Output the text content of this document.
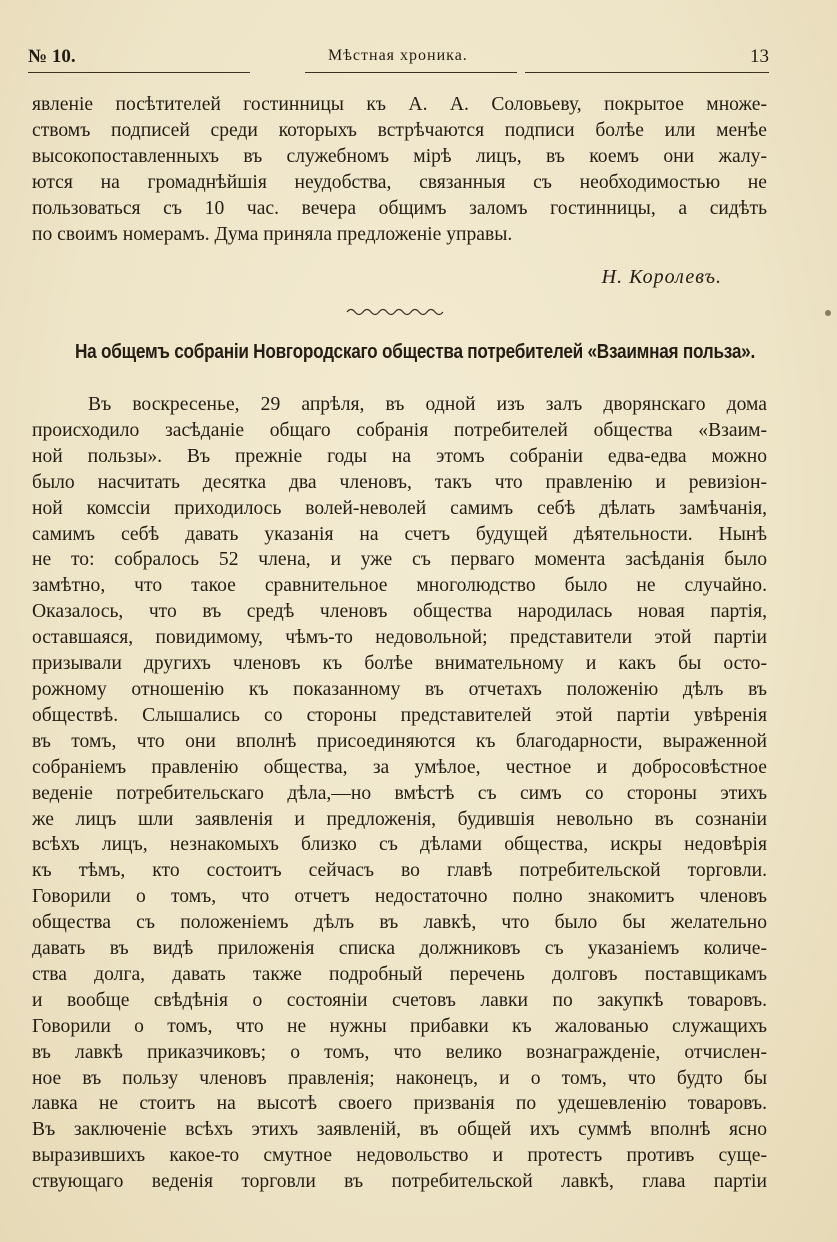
№ 10.	Мѣстная хроника.	13
явленіе посѣтителей гостинницы къ А. А. Соловьеву, покрытое множе-
ствомъ подписей среди которыхъ встрѣчаются подписи болѣе или менѣе
высокопоставленныхъ въ служебномъ мірѣ лицъ, въ коемъ они жалу-
ются на громаднѣйшія неудобства, связанныя съ необходимостью не
пользоваться съ 10 час. вечера общимъ заломъ гостинницы, а сидѣть
по своимъ номерамъ. Дума приняла предложеніе управы.
Н. Королевъ.
На общемъ собраніи Новгородскаго общества потребителей «Взаимная польза».
Въ воскресенье, 29 апрѣля, въ одной изъ залъ дворянскаго дома
происходило засѣданіе общаго собранія потребителей общества «Взаим-
ной пользы». Въ прежніе годы на этомъ собраніи едва-едва можно
было насчитать десятка два членовъ, такъ что правленію и ревизіон-
ной комссіи приходилось волей-неволей самимъ себѣ дѣлать замѣчанія,
самимъ себѣ давать указанія на счетъ будущей дѣятельности. Нынѣ
не то: собралось 52 члена, и уже съ перваго момента засѣданія было
замѣтно, что такое сравнительное многолюдство было не случайно.
Оказалось, что въ средѣ членовъ общества народилась новая партія,
оставшаяся, повидимому, чѣмъ-то недовольной; представители этой партіи
призывали другихъ членовъ къ болѣе внимательному и какъ бы осто-
рожному отношенію къ показанному въ отчетахъ положенію дѣлъ въ
обществѣ. Слышались со стороны представителей этой партіи увѣренія
въ томъ, что они вполнѣ присоединяются къ благодарности, выраженной
собраніемъ правленію общества, за умѣлое, честное и добросовѣстное
веденіе потребительскаго дѣла,—но вмѣстѣ съ симъ со стороны этихъ
же лицъ шли заявленія и предложенія, будившія невольно въ сознаніи
всѣхъ лицъ, незнакомыхъ близко съ дѣлами общества, искры недовѣрія
къ тѣмъ, кто состоитъ сейчасъ во главѣ потребительской торговли.
Говорили о томъ, что отчетъ недостаточно полно знакомитъ членовъ
общества съ положеніемъ дѣлъ въ лавкѣ, что было бы желательно
давать въ видѣ приложенія списка должниковъ съ указаніемъ количе-
ства долга, давать также подробный перечень долговъ поставщикамъ
и вообще свѣдѣнія о состояніи счетовъ лавки по закупкѣ товаровъ.
Говорили о томъ, что не нужны прибавки къ жалованью служащихъ
въ лавкѣ приказчиковъ; о томъ, что велико вознагражденіе, отчислен-
ное въ пользу членовъ правленія; наконецъ, и о томъ, что будто бы
лавка не стоитъ на высотѣ своего призванія по удешевленію товаровъ.
Въ заключеніе всѣхъ этихъ заявленій, въ общей ихъ суммѣ вполнѣ ясно
выразившихъ какое-то смутное недовольство и протестъ противъ суще-
ствующаго веденія торговли въ потребительской лавкѣ, глава партіи
